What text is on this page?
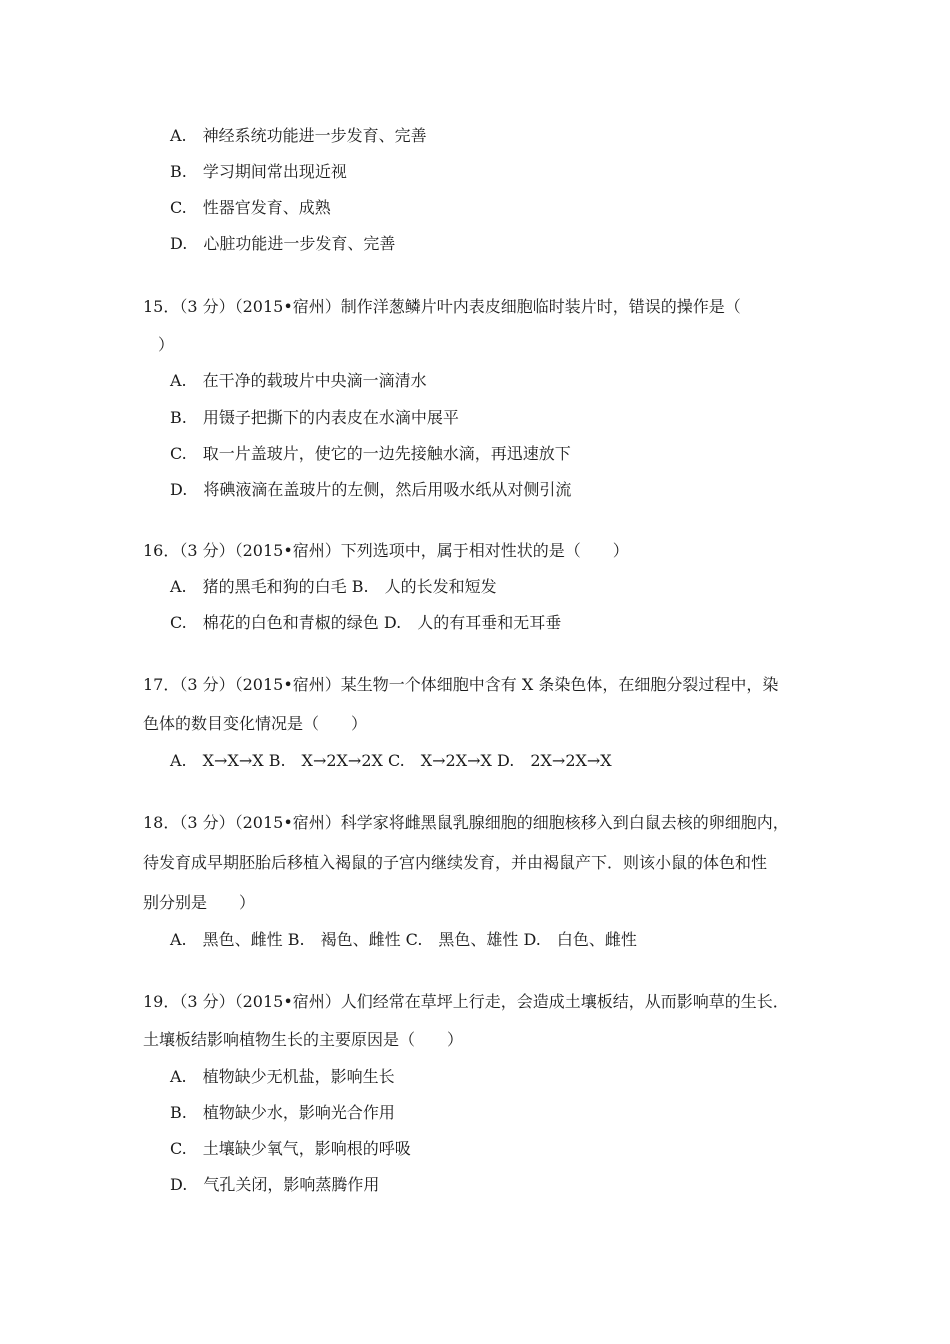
A.　神经系统功能进一步发育、完善
B.　学习期间常出现近视
C.　性器官发育、成熟
D.　心脏功能进一步发育、完善
15．（3 分）（2015•宿州）制作洋葱鳞片叶内表皮细胞临时装片时，错误的操作是（
）
A.　在干净的载玻片中央滴一滴清水
B.　用镊子把撕下的内表皮在水滴中展平
C.　取一片盖玻片，使它的一边先接触水滴，再迅速放下
D.　将碘液滴在盖玻片的左侧，然后用吸水纸从对侧引流
16．（3 分）（2015•宿州）下列选项中，属于相对性状的是（　　）
A.　猪的黑毛和狗的白毛 B.　人的长发和短发
C.　棉花的白色和青椒的绿色 D.　人的有耳垂和无耳垂
17．（3 分）（2015•宿州）某生物一个体细胞中含有 X 条染色体，在细胞分裂过程中，染
色体的数目变化情况是（　　）
A.　X→X→X B.　X→2X→2X C.　X→2X→X D.　2X→2X→X
18．（3 分）（2015•宿州）科学家将雌黑鼠乳腺细胞的细胞核移入到白鼠去核的卵细胞内，
待发育成早期胚胎后移植入褐鼠的子宫内继续发育，并由褐鼠产下．则该小鼠的体色和性
别分别是　　）
A.　黑色、雌性 B.　褐色、雌性 C.　黑色、雄性 D.　白色、雌性
19．（3 分）（2015•宿州）人们经常在草坪上行走，会造成土壤板结，从而影响草的生长．
土壤板结影响植物生长的主要原因是（　　）
A.　植物缺少无机盐，影响生长
B.　植物缺少水，影响光合作用
C.　土壤缺少氧气，影响根的呼吸
D.　气孔关闭，影响蒸腾作用
